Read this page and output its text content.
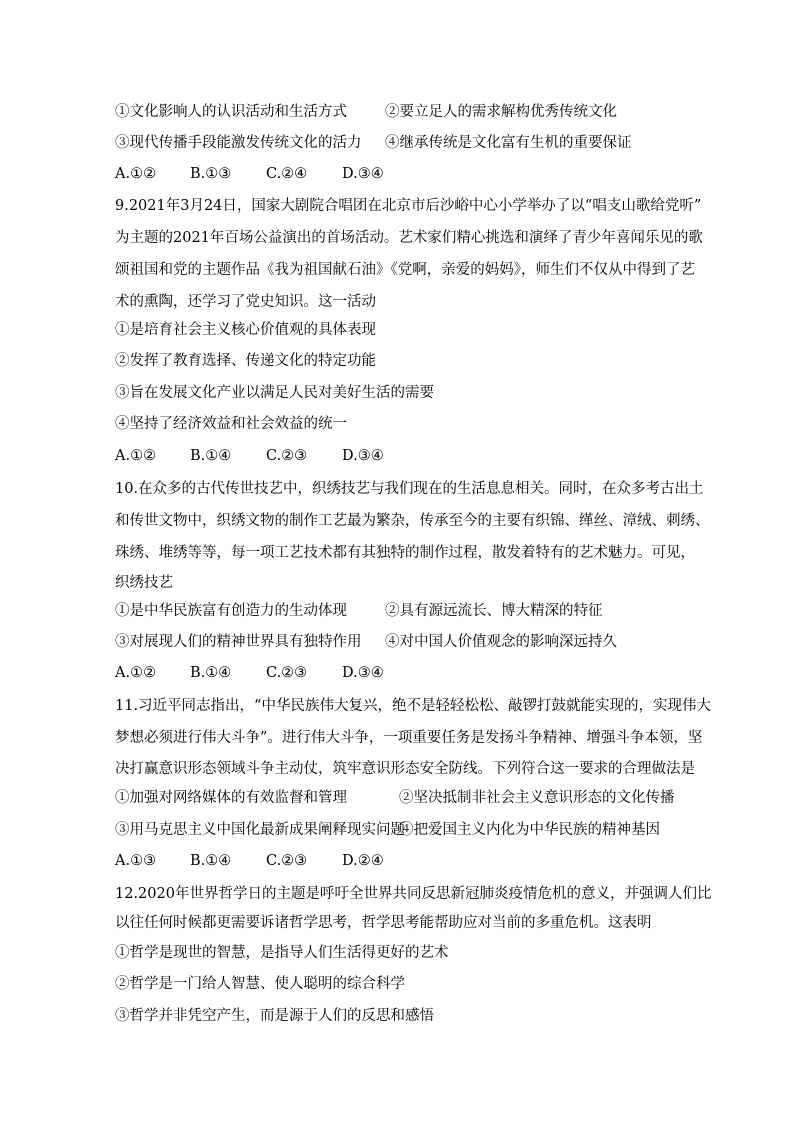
①文化影响人的认识活动和生活方式	②要立足人的需求解构优秀传统文化
③现代传播手段能激发传统文化的活力 ④继承传统是文化富有生机的重要保证
A.①② B.①③ C.②④ D.③④
9.2021年3月24日，国家大剧院合唱团在北京市后沙峪中心小学举办了以“唱支山歌给党听”
为主题的2021年百场公益演出的首场活动。艺术家们精心挑选和演绎了青少年喜闻乐见的歌
颂祖国和党的主题作品《我为祖国献石油》《党啊，亲爱的妈妈》，师生们不仅从中得到了艺
术的熏陶，还学习了党史知识。这一活动
①是培育社会主义核心价值观的具体表现
②发挥了教育选择、传递文化的特定功能
③旨在发展文化产业以满足人民对美好生活的需要
④坚持了经济效益和社会效益的统一
A.①② B.①④ C.②③ D.③④
10.在众多的古代传世技艺中，织绣技艺与我们现在的生活息息相关。同时，在众多考古出土
和传世文物中，织绣文物的制作工艺最为繁杂，传承至今的主要有织锦、缂丝、漳绒、刺绣、
珠绣、堆绣等等，每一项工艺技术都有其独特的制作过程，散发着特有的艺术魅力。可见，
织绣技艺
①是中华民族富有创造力的生动体现	②具有源远流长、博大精深的特征
③对展现人们的精神世界具有独特作用 ④对中国人价值观念的影响深远持久
A.①② B.①④ C.②③ D.③④
11.习近平同志指出，“中华民族伟大复兴，绝不是轻轻松松、敲锣打鼓就能实现的，实现伟大
梦想必须进行伟大斗争”。进行伟大斗争，一项重要任务是发扬斗争精神、增强斗争本领，坚
决打赢意识形态领域斗争主动仗，筑牢意识形态安全防线。下列符合这一要求的合理做法是
①加强对网络媒体的有效监督和管理	②坚决抵制非社会主义意识形态的文化传播
③用马克思主义中国化最新成果阐释现实问题
④把爱国主义内化为中华民族的精神基因
A.①③ B.①④ C.②③ D.②④
12.2020年世界哲学日的主题是呼吁全世界共同反思新冠肺炎疫情危机的意义，并强调人们比
以往任何时候都更需要诉诸哲学思考，哲学思考能帮助应对当前的多重危机。这表明
①哲学是现世的智慧，是指导人们生活得更好的艺术
②哲学是一门给人智慧、使人聪明的综合科学
③哲学并非凭空产生，而是源于人们的反思和感悟
